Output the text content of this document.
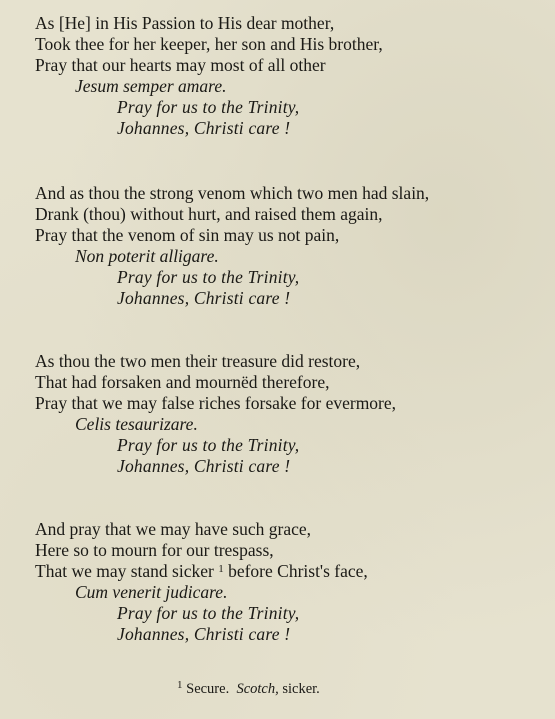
As [He] in His Passion to His dear mother,
Took thee for her keeper, her son and His brother,
Pray that our hearts may most of all other
Jesum semper amare.
Pray for us to the Trinity,
Johannes, Christi care !
And as thou the strong venom which two men had slain,
Drank (thou) without hurt, and raised them again,
Pray that the venom of sin may us not pain,
Non poterit alligare.
Pray for us to the Trinity,
Johannes, Christi care !
As thou the two men their treasure did restore,
That had forsaken and mournëd therefore,
Pray that we may false riches forsake for evermore,
Celis tesaurizare.
Pray for us to the Trinity,
Johannes, Christi care !
And pray that we may have such grace,
Here so to mourn for our trespass,
That we may stand sicker $^1$ before Christ's face,
Cum venerit judicare.
Pray for us to the Trinity,
Johannes, Christi care !
$^1$ Secure. Scotch, sicker.
